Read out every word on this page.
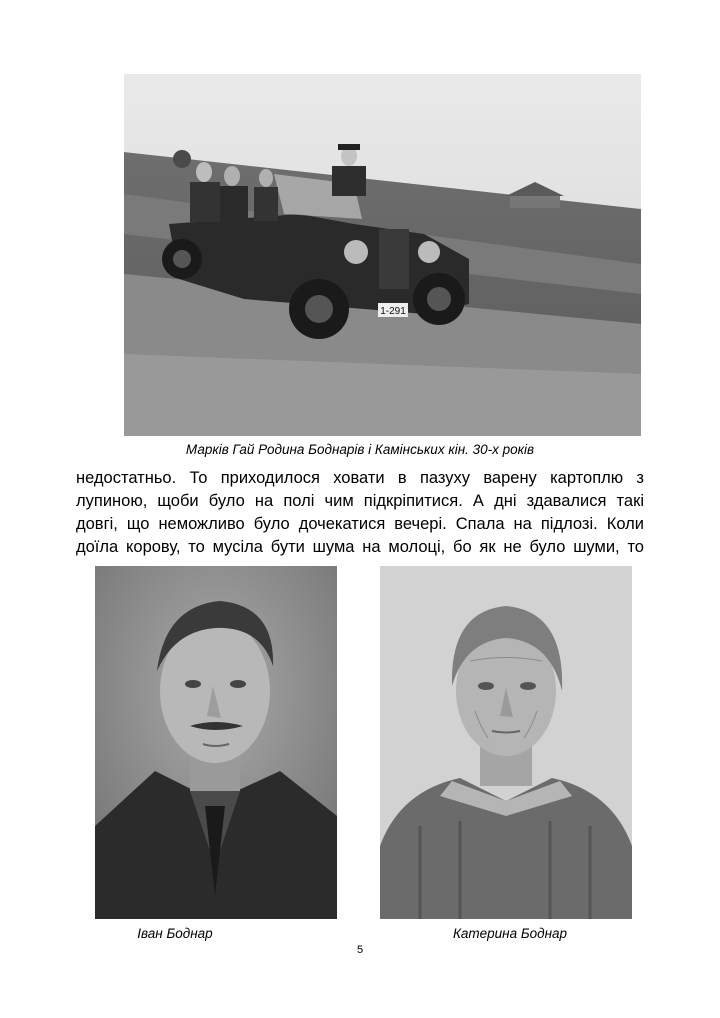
1-291
Марків Гай Родина Боднарів і Камінських кін. 30-х років
недостатньо. То приходилося ховати в пазуху варену картоплю з
лупиною, щоби було на полі чим підкріпитися. А дні здавалися такі
довгі, що неможливо було дочекатися вечері. Спала на підлозі. Коли
доїла корову, то мусіла бути шума на молоці, бо як не було шуми, то
Іван Боднар	Катерина Боднар
5
